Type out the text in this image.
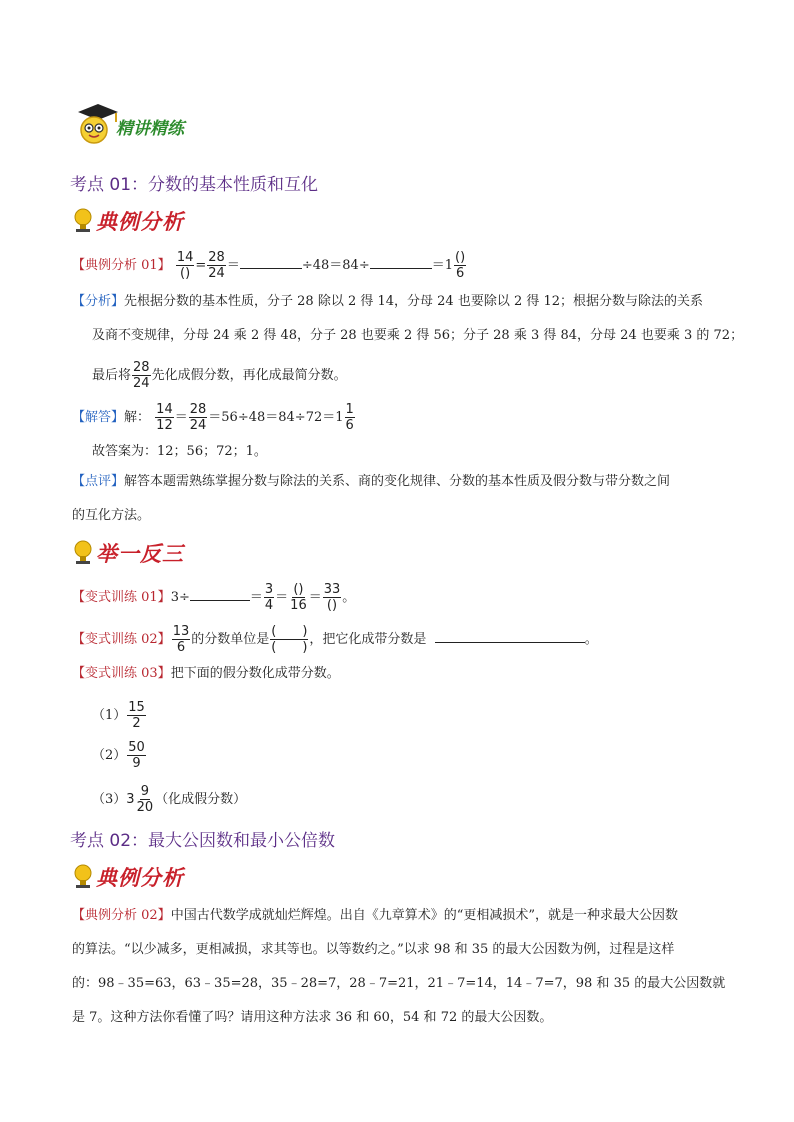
精讲精练
考点 01：分数的基本性质和互化
典例分析
【典例分析 01】 $\frac{14}{()} = \frac{28}{24}$ ＝	÷48＝84÷	$=1 \frac{()}{6}$
【分析】先根据分数的基本性质，分子 28 除以 2 得 14，分母 24 也要除以 2 得 12；根据分数与除法的关系
及商不变规律，分母 24 乘 2 得 48，分子 28 也要乘 2 得 56；分子 28 乘 3 得 84，分母 24 也要乘 3 的 72；
最后将 $\frac{28}{24}$ 先化成假分数，再化成最简分数。
【解答】解： $\frac{14}{12} = \frac{28}{24} =56\div 48=84\div 72=1 \frac{1}{6}$
故答案为：12；56；72；1。
【点评】解答本题需熟练掌握分数与除法的关系、商的变化规律、分数的基本性质及假分数与带分数之间
的互化方法。
举一反三
【变式训练 01】3÷	＝ $\frac{3}{4} = \frac{()}{16} = \frac{33}{()}$ 。
【变式训练 02】 $\frac{13}{6}$ 的分数单位是 $\frac{( )}{( )}$ ，把它化成带分数是	。
【变式训练 03】把下面的假分数化成带分数。
$(1) \frac{15}{2}$
$(2) \frac{50}{9}$
$(3)3 \frac{9}{20}$ （化成假分数）
考点 02：最大公因数和最小公倍数
典例分析
【典例分析 02】中国古代数学成就灿烂辉煌。出自《九章算术》的“更相减损术”，就是一种求最大公因数
的算法。“以少减多，更相减损，求其等也。以等数约之。”以求 98 和 35 的最大公因数为例，过程是这样
的：98﹣35=63，63﹣35=28，35﹣28=7，28﹣7=21，21﹣7=14，14﹣7=7，98 和 35 的最大公因数就
是 7。这种方法你看懂了吗？请用这种方法求 36 和 60，54 和 72 的最大公因数。
